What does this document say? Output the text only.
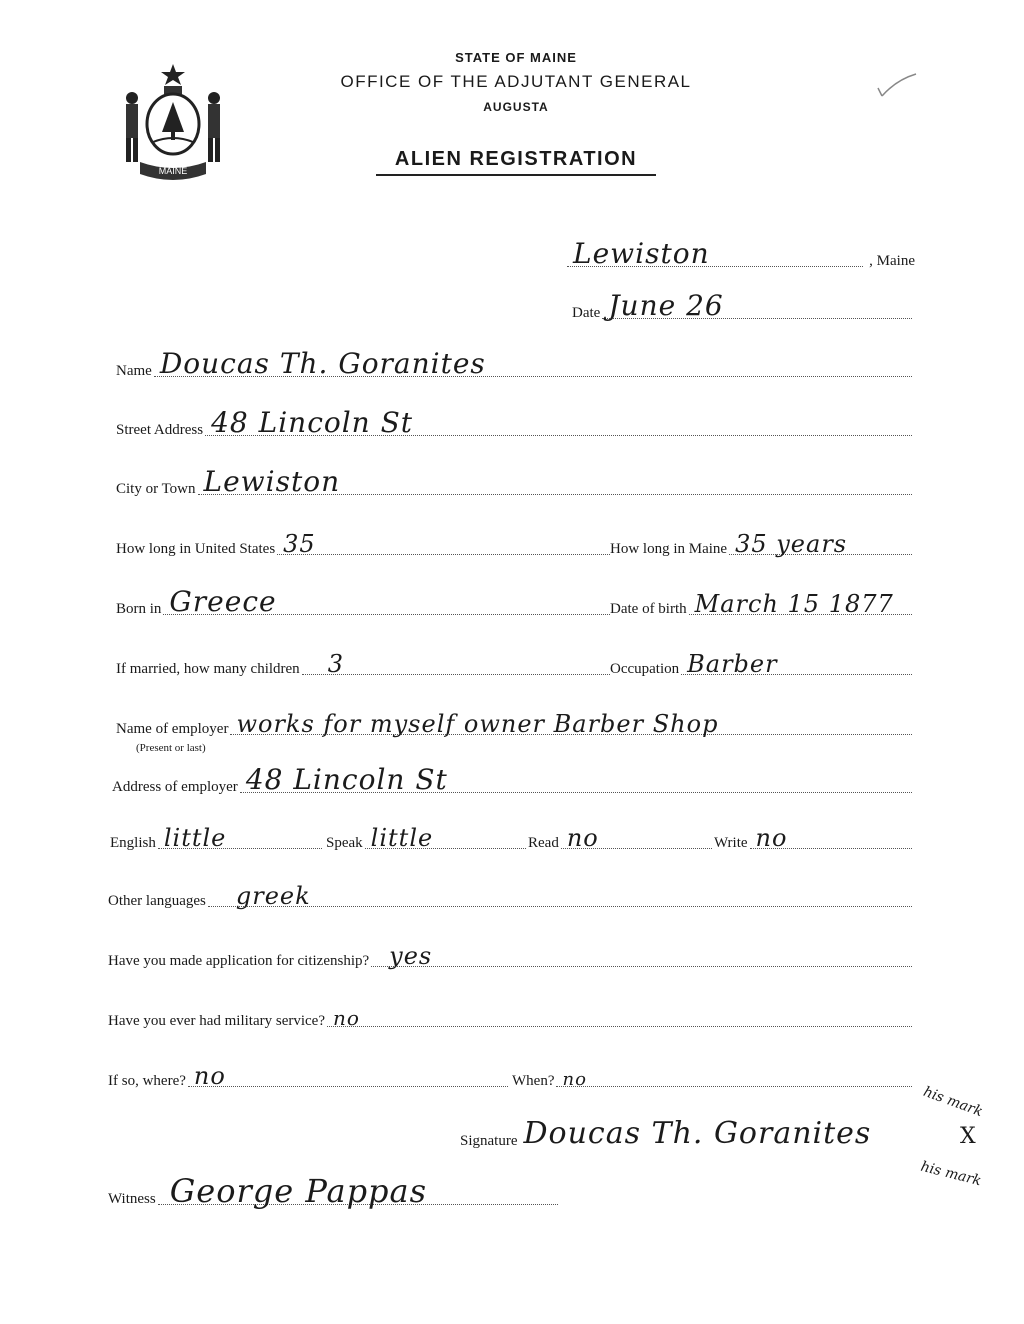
MAINE
STATE OF MAINE
OFFICE OF THE ADJUTANT GENERAL
AUGUSTA
ALIEN REGISTRATION
Lewiston	, Maine
Date June 26
Name Doucas Th. Goranites
Street Address 48 Lincoln St
City or Town Lewiston
How long in United States 35	How long in Maine 35 years
Born in Greece	Date of birth March 15 1877
If married, how many children 3	Occupation Barber
Name of employer works for myself owner Barber Shop
(Present or last)
Address of employer 48 Lincoln St
English little	Speak little	Read no	Write no
Other languages greek
Have you made application for citizenship? yes
Have you ever had military service? no
If so, where? no	When? no
Signature Doucas Th. Goranites	X
his mark
his mark
Witness George Pappas
